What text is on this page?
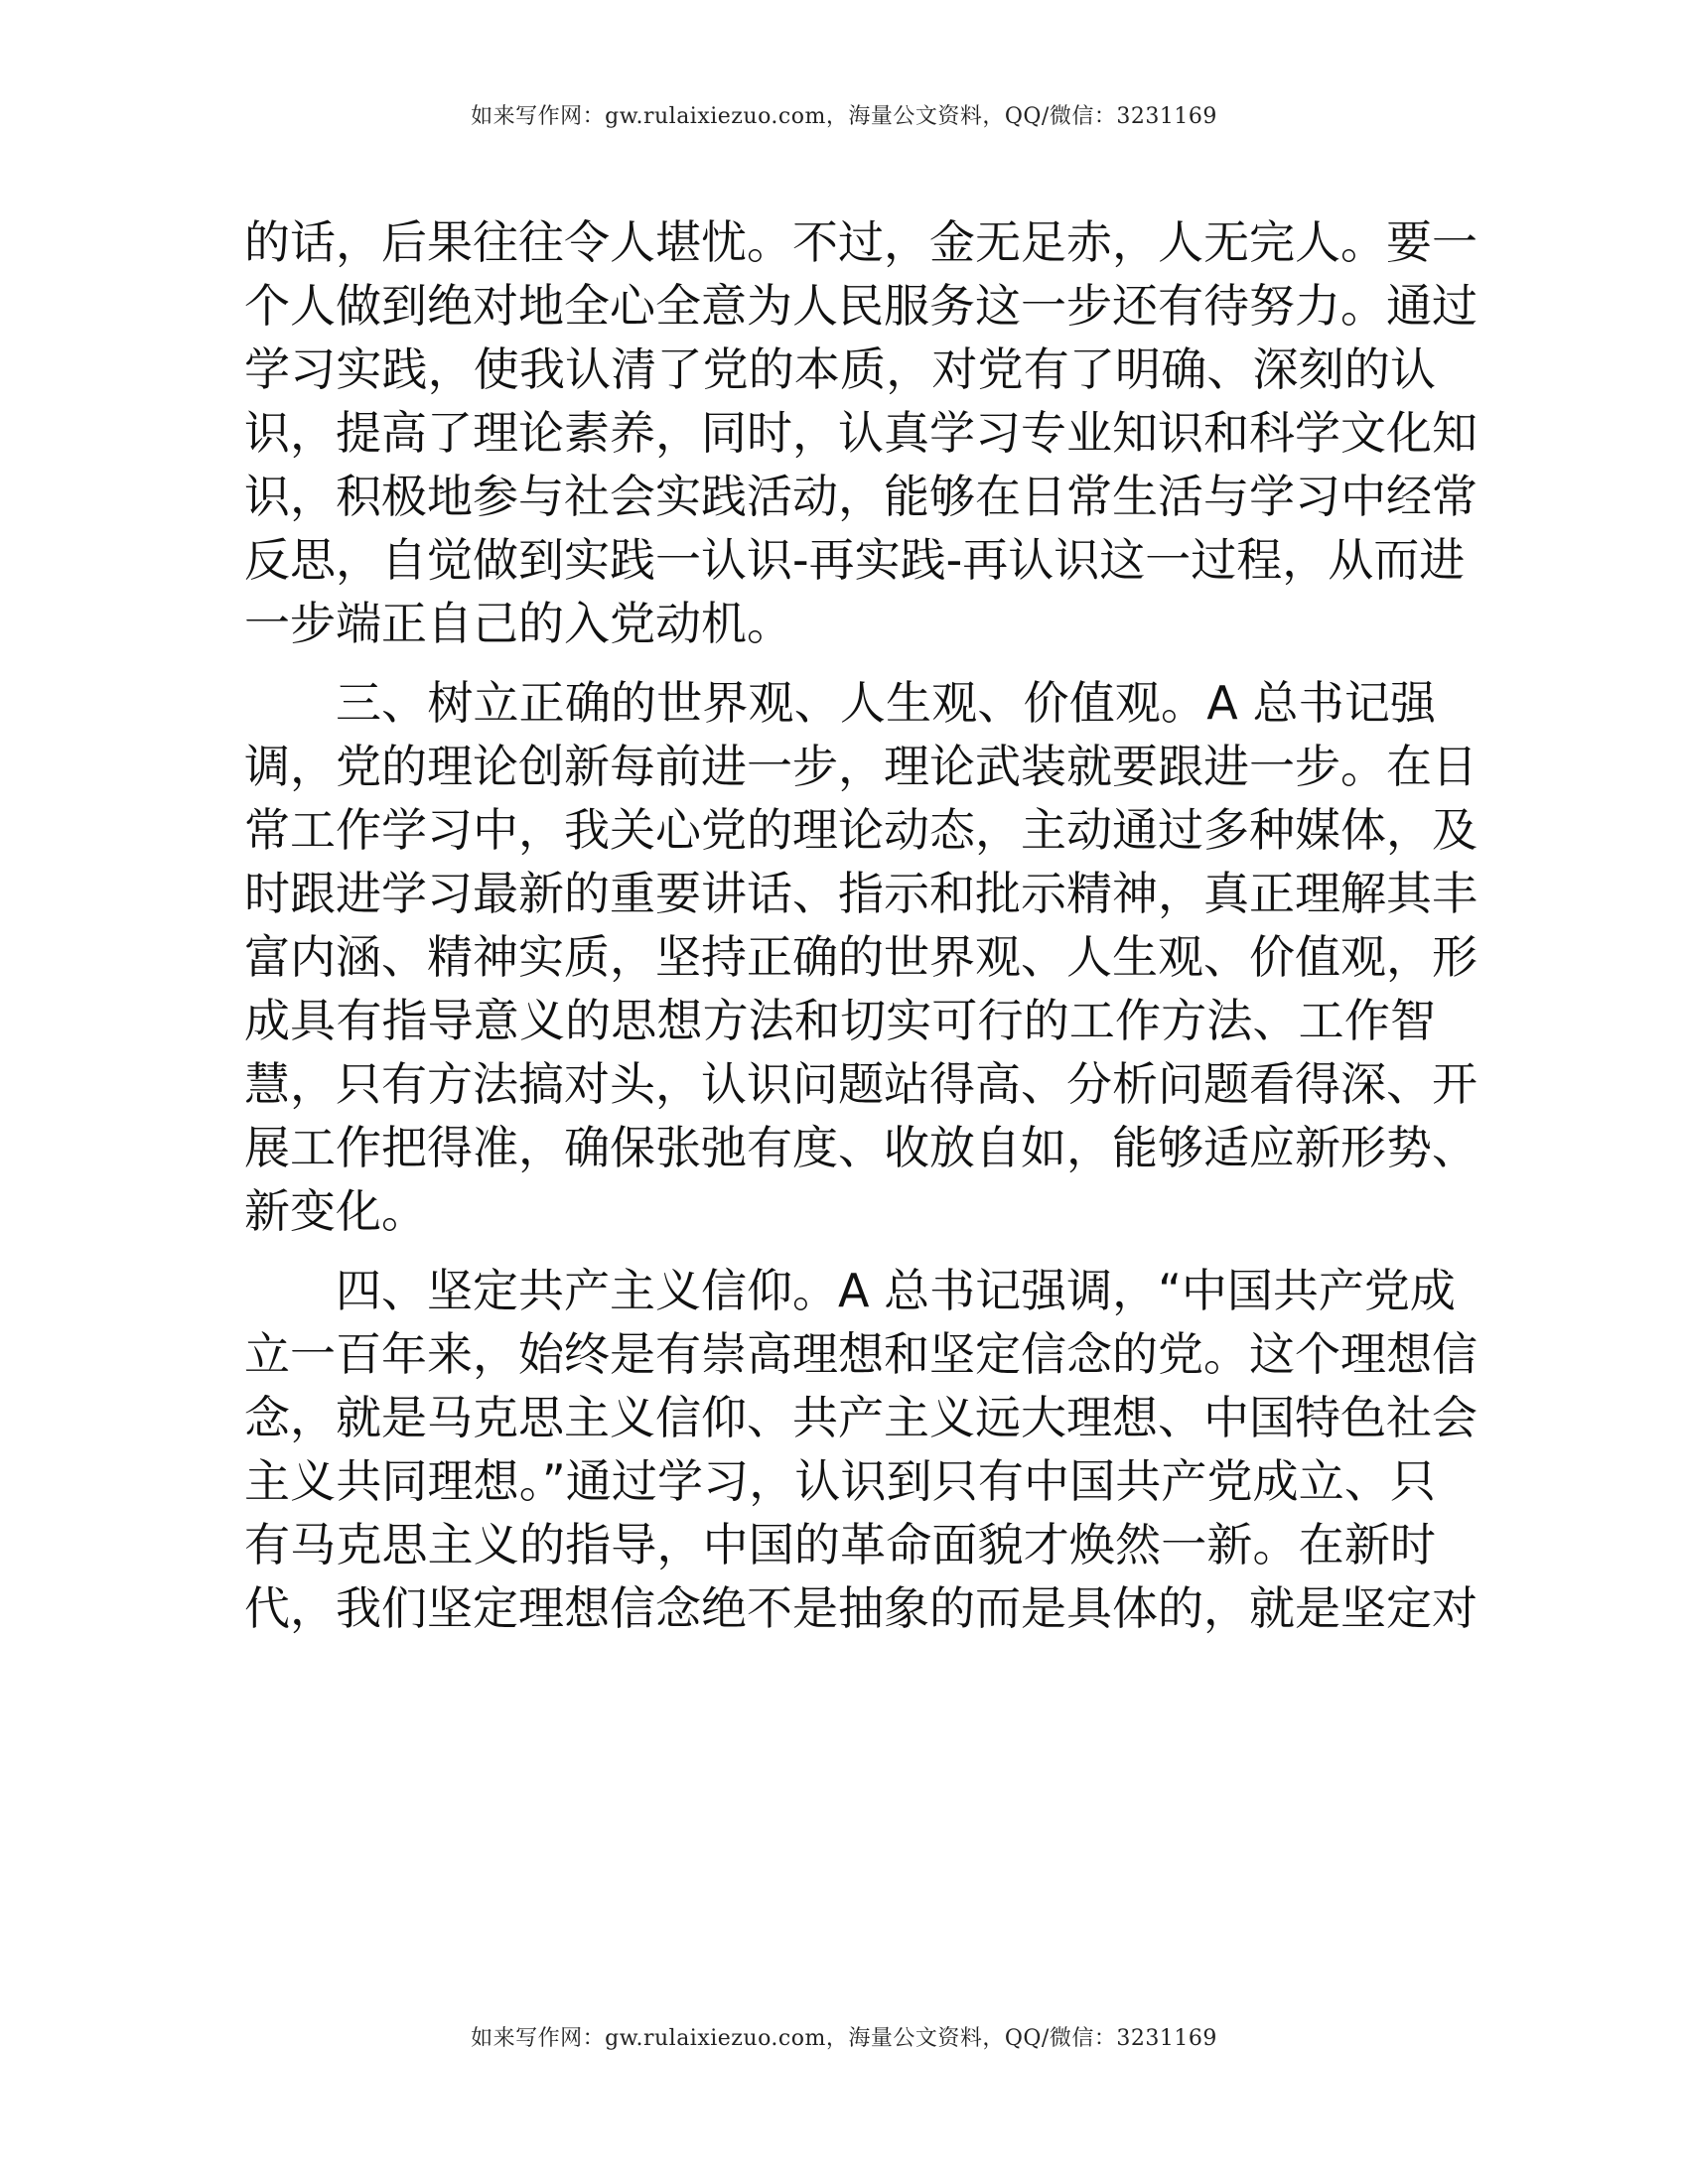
如来写作网：gw.rulaixiezuo.com，海量公文资料，QQ/微信：3231169
的话，后果往往令人堪忧。不过，金无足赤，人无完人。要一
个人做到绝对地全心全意为人民服务这一步还有待努力。通过
学习实践，使我认清了党的本质，对党有了明确、深刻的认
识，提高了理论素养，同时，认真学习专业知识和科学文化知
识，积极地参与社会实践活动，能够在日常生活与学习中经常
反思，自觉做到实践一认识-再实践-再认识这一过程，从而进
一步端正自己的入党动机。
三、树立正确的世界观、人生观、价值观。A 总书记强
调，党的理论创新每前进一步，理论武装就要跟进一步。在日
常工作学习中，我关心党的理论动态，主动通过多种媒体，及
时跟进学习最新的重要讲话、指示和批示精神，真正理解其丰
富内涵、精神实质，坚持正确的世界观、人生观、价值观，形
成具有指导意义的思想方法和切实可行的工作方法、工作智
慧，只有方法搞对头，认识问题站得高、分析问题看得深、开
展工作把得准，确保张弛有度、收放自如，能够适应新形势、
新变化。
四、坚定共产主义信仰。A 总书记强调，“中国共产党成
立一百年来，始终是有崇高理想和坚定信念的党。这个理想信
念，就是马克思主义信仰、共产主义远大理想、中国特色社会
主义共同理想。”通过学习，认识到只有中国共产党成立、只
有马克思主义的指导，中国的革命面貌才焕然一新。在新时
代，我们坚定理想信念绝不是抽象的而是具体的，就是坚定对
如来写作网：gw.rulaixiezuo.com，海量公文资料，QQ/微信：3231169
